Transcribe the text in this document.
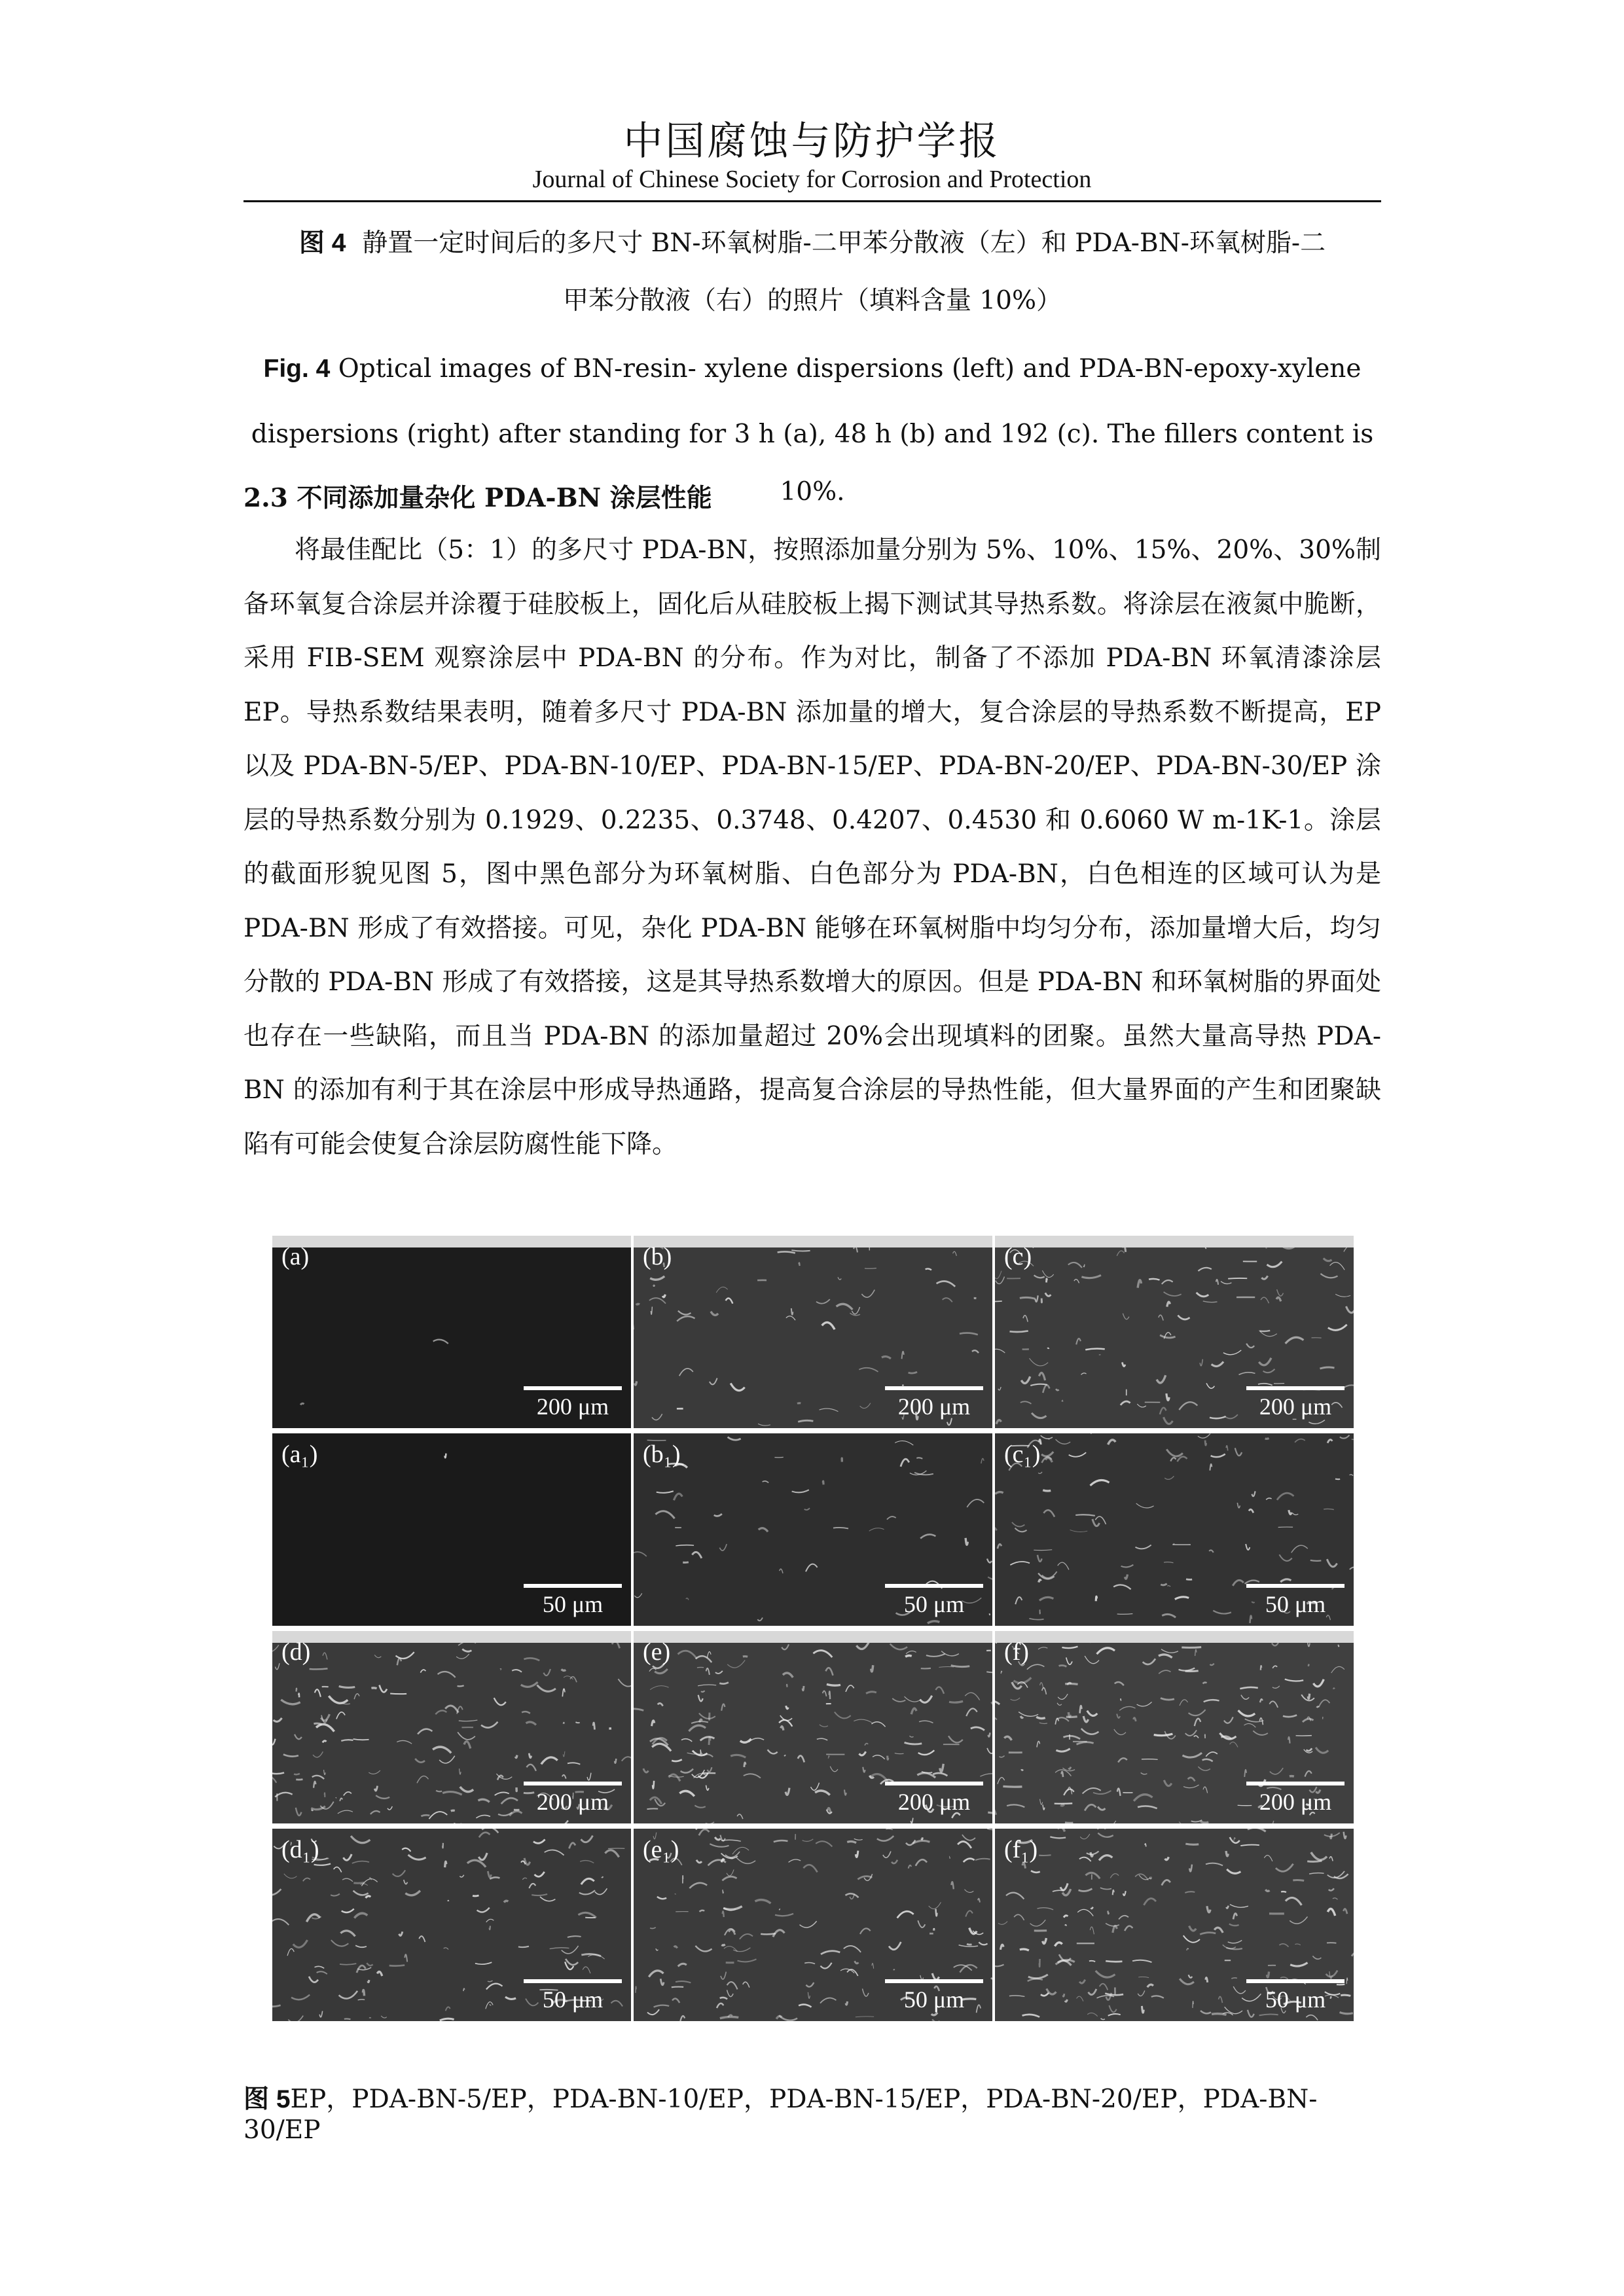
中国腐蚀与防护学报
Journal of Chinese Society for Corrosion and Protection
图 4 静置一定时间后的多尺寸 BN-环氧树脂-二甲苯分散液（左）和 PDA-BN-环氧树脂-二
甲苯分散液（右）的照片（填料含量 10%）
Fig. 4 Optical images of BN-resin- xylene dispersions (left) and PDA-BN-epoxy-xylene
dispersions (right) after standing for 3 h (a), 48 h (b) and 192 (c). The fillers content is 10%.
2.3 不同添加量杂化 PDA-BN 涂层性能

将最佳配比（5：1）的多尺寸 PDA-BN，按照添加量分别为 5%、10%、15%、20%、30%制备环氧复合涂层并涂覆于硅胶板上，固化后从硅胶板上揭下测试其导热系数。将涂层在液氮中脆断，采用 FIB-SEM 观察涂层中 PDA-BN 的分布。作为对比，制备了不添加 PDA-BN 环氧清漆涂层 EP。导热系数结果表明，随着多尺寸 PDA-BN 添加量的增大，复合涂层的导热系数不断提高，EP 以及 PDA-BN-5/EP、PDA-BN-10/EP、PDA-BN-15/EP、PDA-BN-20/EP、PDA-BN-30/EP 涂层的导热系数分别为 0.1929、0.2235、0.3748、0.4207、0.4530 和 0.6060 W m-1K-1。涂层的截面形貌见图 5，图中黑色部分为环氧树脂、白色部分为 PDA-BN，白色相连的区域可认为是 PDA-BN 形成了有效搭接。可见，杂化 PDA-BN 能够在环氧树脂中均匀分布，添加量增大后，均匀分散的 PDA-BN 形成了有效搭接，这是其导热系数增大的原因。但是 PDA-BN 和环氧树脂的界面处也存在一些缺陷，而且当 PDA-BN 的添加量超过 20%会出现填料的团聚。虽然大量高导热 PDA-BN 的添加有利于其在涂层中形成导热通路，提高复合涂层的导热性能，但大量界面的产生和团聚缺陷有可能会使复合涂层防腐性能下降。

(a)
200 μm
(b)
200 μm
(c)
200 μm
(a₁)
50 μm
(b₁)
50 μm
(c₁)
50 μm
(d)
200 μm
(e)
200 μm
(f)
200 μm
(d₁)
50 μm
(e₁)
50 μm
(f₁)
50 μm
图 5EP，PDA-BN-5/EP，PDA-BN-10/EP，PDA-BN-15/EP，PDA-BN-20/EP，PDA-BN-30/EP
